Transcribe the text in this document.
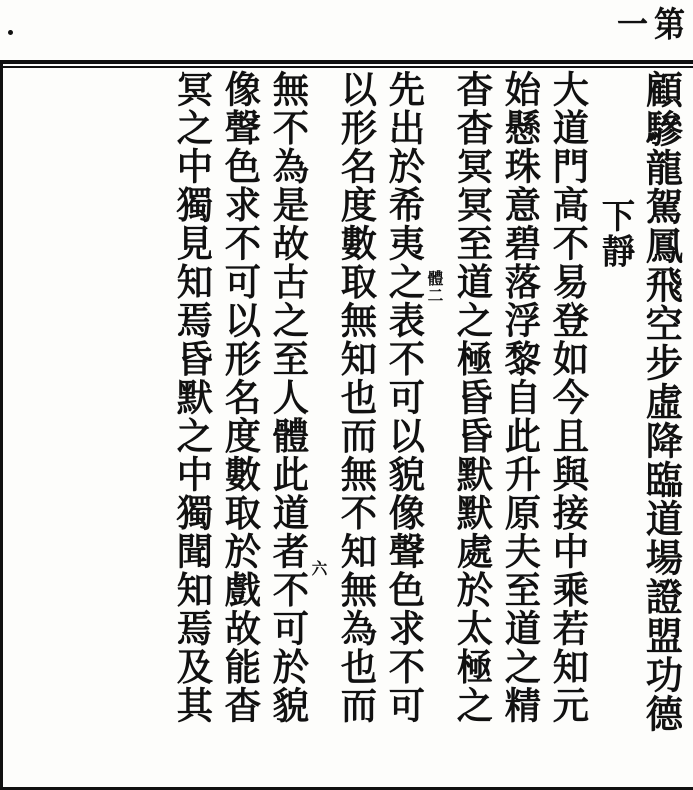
一 第
顧驂龍駕鳳飛空步虛降臨道場證盟功德
下靜
大道門高不易登如今且與接中乘若知元
始懸珠意碧落浮黎自此升原夫至道之精
杳杳冥冥至道之極昏昏默默處於太極之
體二
先出於希夷之表不可以貌像聲色求不可
以形名度數取無知也而無不知無為也而
六
無不為是故古之至人體此道者不可於貌
像聲色求不可以形名度數取於戲故能杳
冥之中獨見知焉昏默之中獨聞知焉及其
